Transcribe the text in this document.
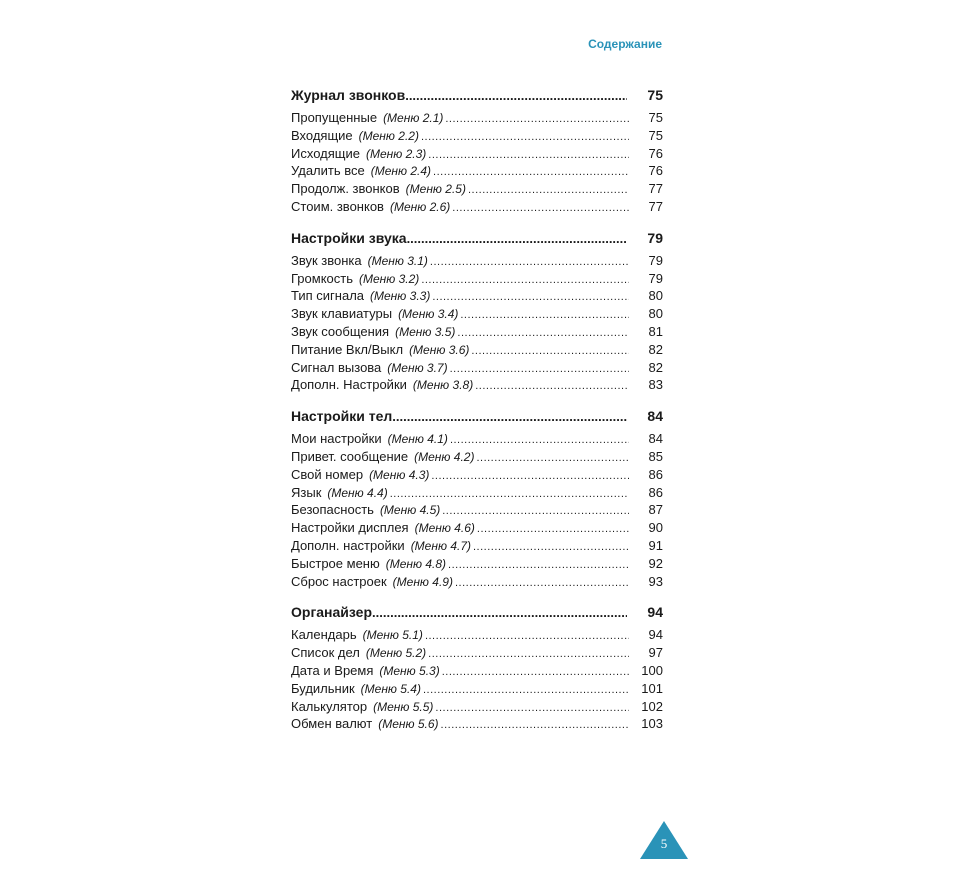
Содержание
Журнал звонков .....	75
Пропущенные (Меню 2.1) .....	75
Входящие (Меню 2.2) .....	75
Исходящие (Меню 2.3) .....	76
Удалить все (Меню 2.4) .....	76
Продолж. звонков (Меню 2.5) .....	77
Стоим. звонков (Меню 2.6) .....	77
Настройки звука .....	79
Звук звонка (Меню 3.1) .....	79
Громкость (Меню 3.2) .....	79
Тип сигнала (Меню 3.3) .....	80
Звук клавиатуры (Меню 3.4) .....	80
Звук сообщения (Меню 3.5) .....	81
Питание Вкл/Выкл (Меню 3.6) .....	82
Сигнал вызова (Меню 3.7) .....	82
Дополн. Настройки (Меню 3.8) .....	83
Настройки тел .....	84
Мои настройки (Меню 4.1) .....	84
Привет. сообщение (Меню 4.2) .....	85
Свой номер (Меню 4.3) .....	86
Язык (Меню 4.4) .....	86
Безопасность (Меню 4.5) .....	87
Настройки дисплея (Меню 4.6) .....	90
Дополн. настройки (Меню 4.7) .....	91
Быстрое меню (Меню 4.8) .....	92
Сброс настроек (Меню 4.9) .....	93
Органайзер .....	94
Календарь (Меню 5.1) .....	94
Список дел (Меню 5.2) .....	97
Дата и Время (Меню 5.3) .....	100
Будильник (Меню 5.4) .....	101
Калькулятор (Меню 5.5) .....	102
Обмен валют (Меню 5.6) .....	103
5
